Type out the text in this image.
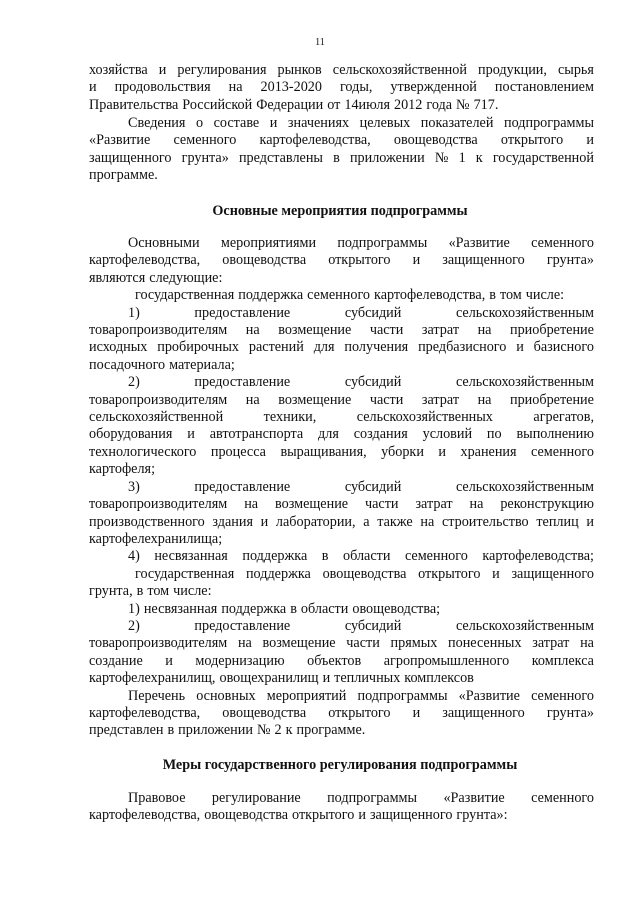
11
хозяйства и регулирования рынков сельскохозяйственной продукции, сырья
и продовольствия на 2013-2020 годы, утвержденной постановлением
Правительства Российской Федерации от 14июля 2012 года № 717.
Сведения о составе и значениях целевых показателей подпрограммы
«Развитие семенного картофелеводства, овощеводства открытого и
защищенного грунта» представлены в приложении № 1 к государственной
программе.
Основные мероприятия подпрограммы
Основными мероприятиями подпрограммы «Развитие семенного
картофелеводства, овощеводства открытого и защищенного грунта»
являются следующие:
государственная поддержка семенного картофелеводства, в том числе:
1)	предоставление	субсидий	сельскохозяйственным
товаропроизводителям на возмещение части затрат на приобретение
исходных пробирочных растений для получения предбазисного и базисного
посадочного материала;
2)	предоставление	субсидий	сельскохозяйственным
товаропроизводителям на возмещение части затрат на приобретение
сельскохозяйственной	техники,	сельскохозяйственных	агрегатов,
оборудования и автотранспорта для создания условий по выполнению
технологического процесса выращивания, уборки и хранения семенного
картофеля;
3)	предоставление	субсидий	сельскохозяйственным
товаропроизводителям на возмещение части затрат на реконструкцию
производственного здания и лаборатории, а также на строительство теплиц и
картофелехранилища;
4) несвязанная поддержка в области семенного картофелеводства;
государственная поддержка овощеводства открытого и защищенного
грунта, в том числе:
1) несвязанная поддержка в области овощеводства;
2)	предоставление	субсидий	сельскохозяйственным
товаропроизводителям на возмещение части прямых понесенных затрат на
создание и модернизацию объектов агропромышленного комплекса
картофелехранилищ, овощехранилищ и тепличных комплексов
Перечень основных мероприятий подпрограммы «Развитие семенного
картофелеводства, овощеводства открытого и защищенного грунта»
представлен в приложении № 2 к программе.
Меры государственного регулирования подпрограммы
Правовое регулирование подпрограммы «Развитие семенного
картофелеводства, овощеводства открытого и защищенного грунта»:
